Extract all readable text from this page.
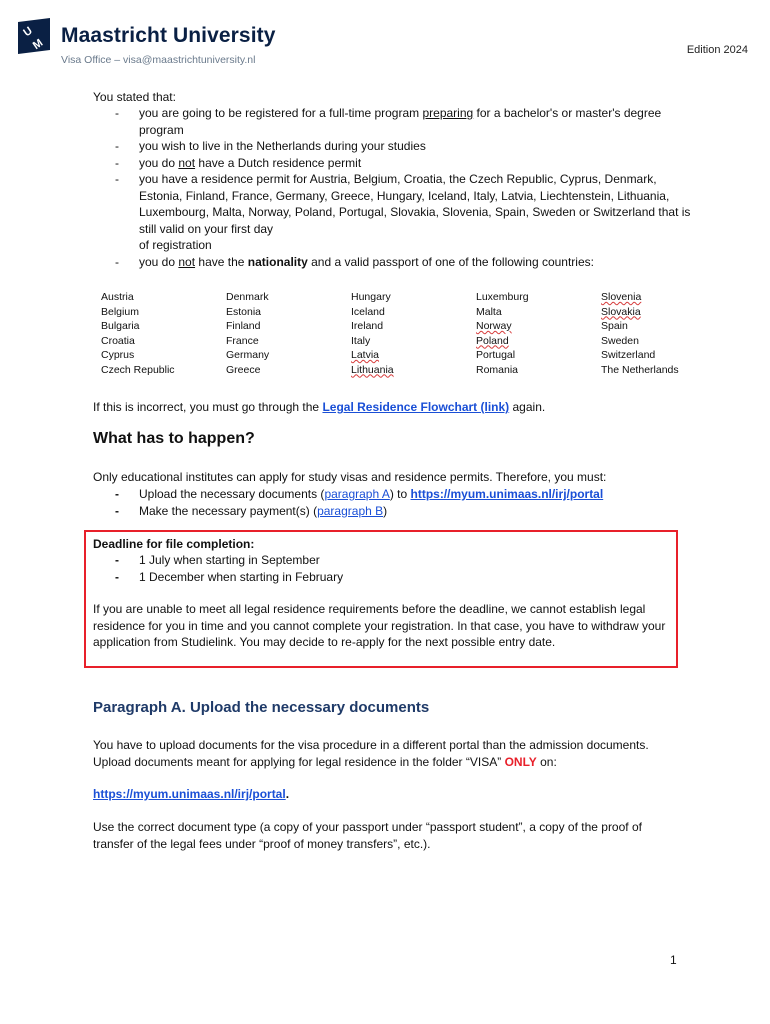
U
M Maastricht University
Visa Office – visa@maastrichtuniversity.nl
Edition 2024
You stated that:
- you are going to be registered for a full-time program preparing for a bachelor's or master's degree program
- you wish to live in the Netherlands during your studies
- you do not have a Dutch residence permit
- you have a residence permit for Austria, Belgium, Croatia, the Czech Republic, Cyprus, Denmark, Estonia, Finland, France, Germany, Greece, Hungary, Iceland, Italy, Latvia, Liechtenstein, Lithuania, Luxembourg, Malta, Norway, Poland, Portugal, Slovakia, Slovenia, Spain, Sweden or Switzerland that is still valid on your first day
of registration
- you do not have the nationality and a valid passport of one of the following countries:
Austria	Denmark	Hungary	Luxemburg	Slovenia
Belgium	Estonia	Iceland	Malta	Slovakia
Bulgaria	Finland	Ireland	Norway	Spain
Croatia	France	Italy	Poland	Sweden
Cyprus	Germany	Latvia	Portugal	Switzerland
Czech Republic	Greece	Lithuania	Romania	The Netherlands
If this is incorrect, you must go through the Legal Residence Flowchart (link) again.
What has to happen?
Only educational institutes can apply for study visas and residence permits. Therefore, you must:
- Upload the necessary documents (paragraph A) to https://myum.unimaas.nl/irj/portal
- Make the necessary payment(s) (paragraph B)
Deadline for file completion:
- 1 July when starting in September
- 1 December when starting in February
If you are unable to meet all legal residence requirements before the deadline, we cannot establish legal residence for you in time and you cannot complete your registration. In that case, you have to withdraw your application from Studielink. You may decide to re-apply for the next possible entry date.
Paragraph A. Upload the necessary documents
You have to upload documents for the visa procedure in a different portal than the admission documents. Upload documents meant for applying for legal residence in the folder “VISA” ONLY on:
https://myum.unimaas.nl/irj/portal.
Use the correct document type (a copy of your passport under “passport student”, a copy of the proof of transfer of the legal fees under “proof of money transfers”, etc.).
1
